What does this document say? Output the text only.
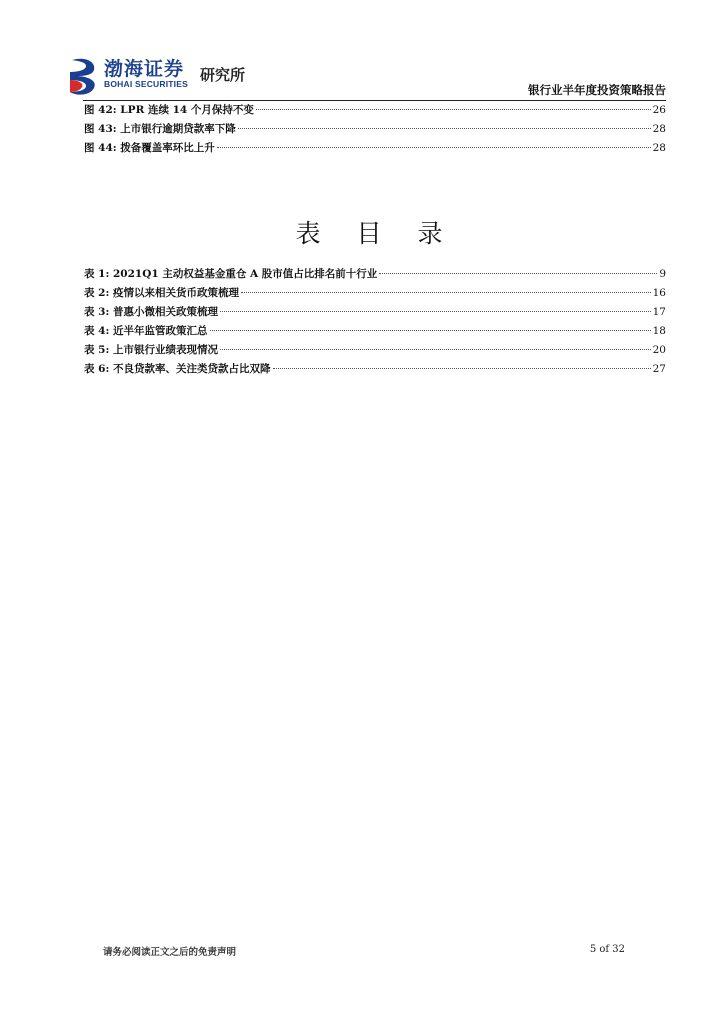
渤海证券
BOHAI SECURITIES 研究所
银行业半年度投资策略报告
图 42: LPR 连续 14 个月保持不变	26
图 43: 上市银行逾期贷款率下降	28
图 44: 拨备覆盖率环比上升	28
表 目 录
表 1: 2021Q1 主动权益基金重仓 A 股市值占比排名前十行业	9
表 2: 疫情以来相关货币政策梳理	16
表 3: 普惠小微相关政策梳理	17
表 4: 近半年监管政策汇总	18
表 5: 上市银行业绩表现情况	20
表 6: 不良贷款率、关注类贷款占比双降	27
请务必阅读正文之后的免责声明	5 of 32
